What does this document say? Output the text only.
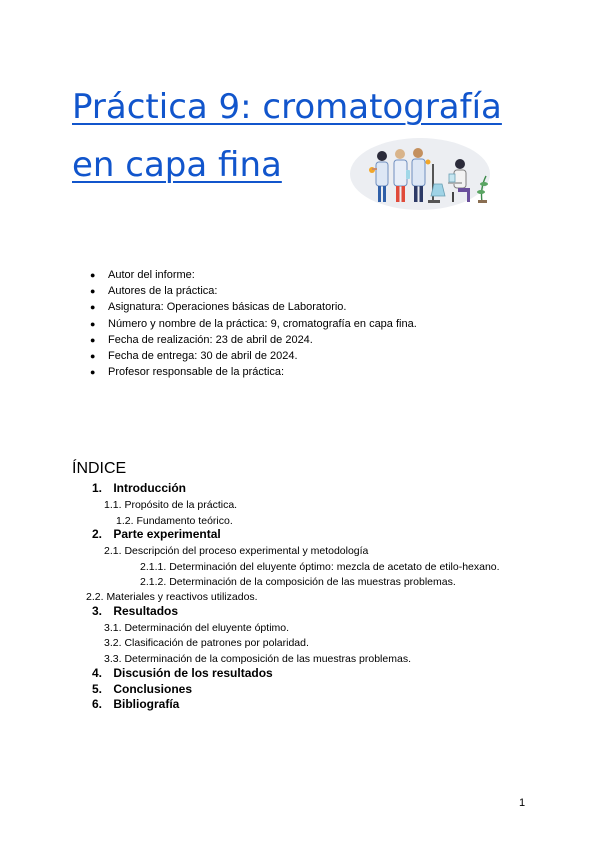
Práctica 9: cromatografía en capa fina
● Autor del informe:
● Autores de la práctica:
● Asignatura: Operaciones básicas de Laboratorio.
● Número y nombre de la práctica: 9, cromatografía en capa fina.
● Fecha de realización: 23 de abril de 2024.
● Fecha de entrega: 30 de abril de 2024.
● Profesor responsable de la práctica:
ÍNDICE
1. Introducción
1.1. Propósito de la práctica.
1.2. Fundamento teórico.
2. Parte experimental
2.1. Descripción del proceso experimental y metodología
2.1.1. Determinación del eluyente óptimo: mezcla de acetato de etilo-hexano.
2.1.2. Determinación de la composición de las muestras problemas.
2.2. Materiales y reactivos utilizados.
3. Resultados
3.1. Determinación del eluyente óptimo.
3.2. Clasificación de patrones por polaridad.
3.3. Determinación de la composición de las muestras problemas.
4. Discusión de los resultados
5. Conclusiones
6. Bibliografía
1
